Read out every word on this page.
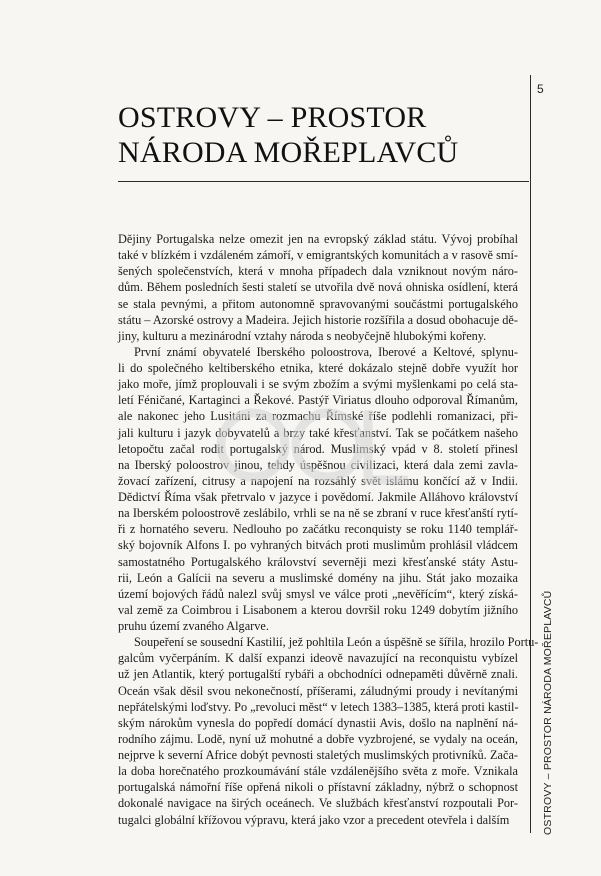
5
OSTROVY – PROSTOR NÁRODA MOŘEPLAVCŮ
OSTROVY – PROSTOR
NÁRODA MOŘEPLAVCŮ

Dějiny Portugalska nelze omezit jen na evropský základ státu. Vývoj probíhal
také v blízkém i vzdáleném zámoří, v emigrantských komunitách a v rasově smí-
šených společenstvích, která v mnoha případech dala vzniknout novým náro-
dům. Během posledních šesti staletí se utvořila dvě nová ohniska osídlení, která
se stala pevnými, a přitom autonomně spravovanými součástmi portugalského
státu – Azorské ostrovy a Madeira. Jejich historie rozšířila a dosud obohacuje dě-
jiny, kulturu a mezinárodní vztahy národa s neobyčejně hlubokými kořeny.

První známí obyvatelé Iberského poloostrova, Iberové a Keltové, splynu-
li do společného keltiberského etnika, které dokázalo stejně dobře využít hor
jako moře, jímž proplouvali i se svým zbožím a svými myšlenkami po celá sta-
letí Féničané, Kartaginci a Řekové. Pastýř Viriatus dlouho odporoval Římanům,
ale nakonec jeho Lusitáni za rozmachu Římské říše podlehli romanizaci, při-
jali kulturu i jazyk dobyvatelů a brzy také křesťanství. Tak se počátkem našeho
letopočtu začal rodit portugalský národ. Muslimský vpád v 8. století přinesl
na Iberský poloostrov jinou, tehdy úspěšnou civilizaci, která dala zemi zavla-
žovací zařízení, citrusy a napojení na rozsáhlý svět islámu končící až v Indii.
Dědictví Říma však přetrvalo v jazyce i povědomí. Jakmile Alláhovo království
na Iberském poloostrově zeslábilo, vrhli se na ně se zbraní v ruce křesťanští rytí-
ři z hornatého severu. Nedlouho po začátku reconquisty se roku 1140 templář-
ský bojovník Alfons I. po vyhraných bitvách proti muslimům prohlásil vládcem
samostatného Portugalského království severněji mezi křesťanské státy Astu-
rii, León a Galícii na severu a muslimské domény na jihu. Stát jako mozaika
území bojových řádů nalezl svůj smysl ve válce proti „nevěřícím“, který získá-
val země za Coimbrou i Lisabonem a kterou dovršil roku 1249 dobytím jižního
pruhu území zvaného Algarve.

Soupeření se sousední Kastilií, jež pohltila León a úspěšně se šířila, hrozilo Portu-
galcům vyčerpáním. K další expanzi ideově navazující na reconquistu vybízel
už jen Atlantik, který portugalští rybáři a obchodníci odnepaměti důvěrně znali.
Oceán však děsil svou nekonečností, příšerami, záludnými proudy i nevítanými
nepřátelskými loďstvy. Po „revoluci měst“ v letech 1383–1385, která proti kastil-
ským nárokům vynesla do popředí domácí dynastii Avis, došlo na naplnění ná-
rodního zájmu. Lodě, nyní už mohutné a dobře vyzbrojené, se vydaly na oceán,
nejprve k severní Africe dobýt pevnosti staletých muslimských protivníků. Zača-
la doba horečnatého prozkoumávání stále vzdálenějšího světa z moře. Vznikala
portugalská námořní říše opřená nikoli o přístavní základny, nýbrž o schopnost
dokonalé navigace na širých oceánech. Ve službách křesťanství rozpoutali Por-
tugalci globální křížovou výpravu, která jako vzor a precedent otevřela i dalším
